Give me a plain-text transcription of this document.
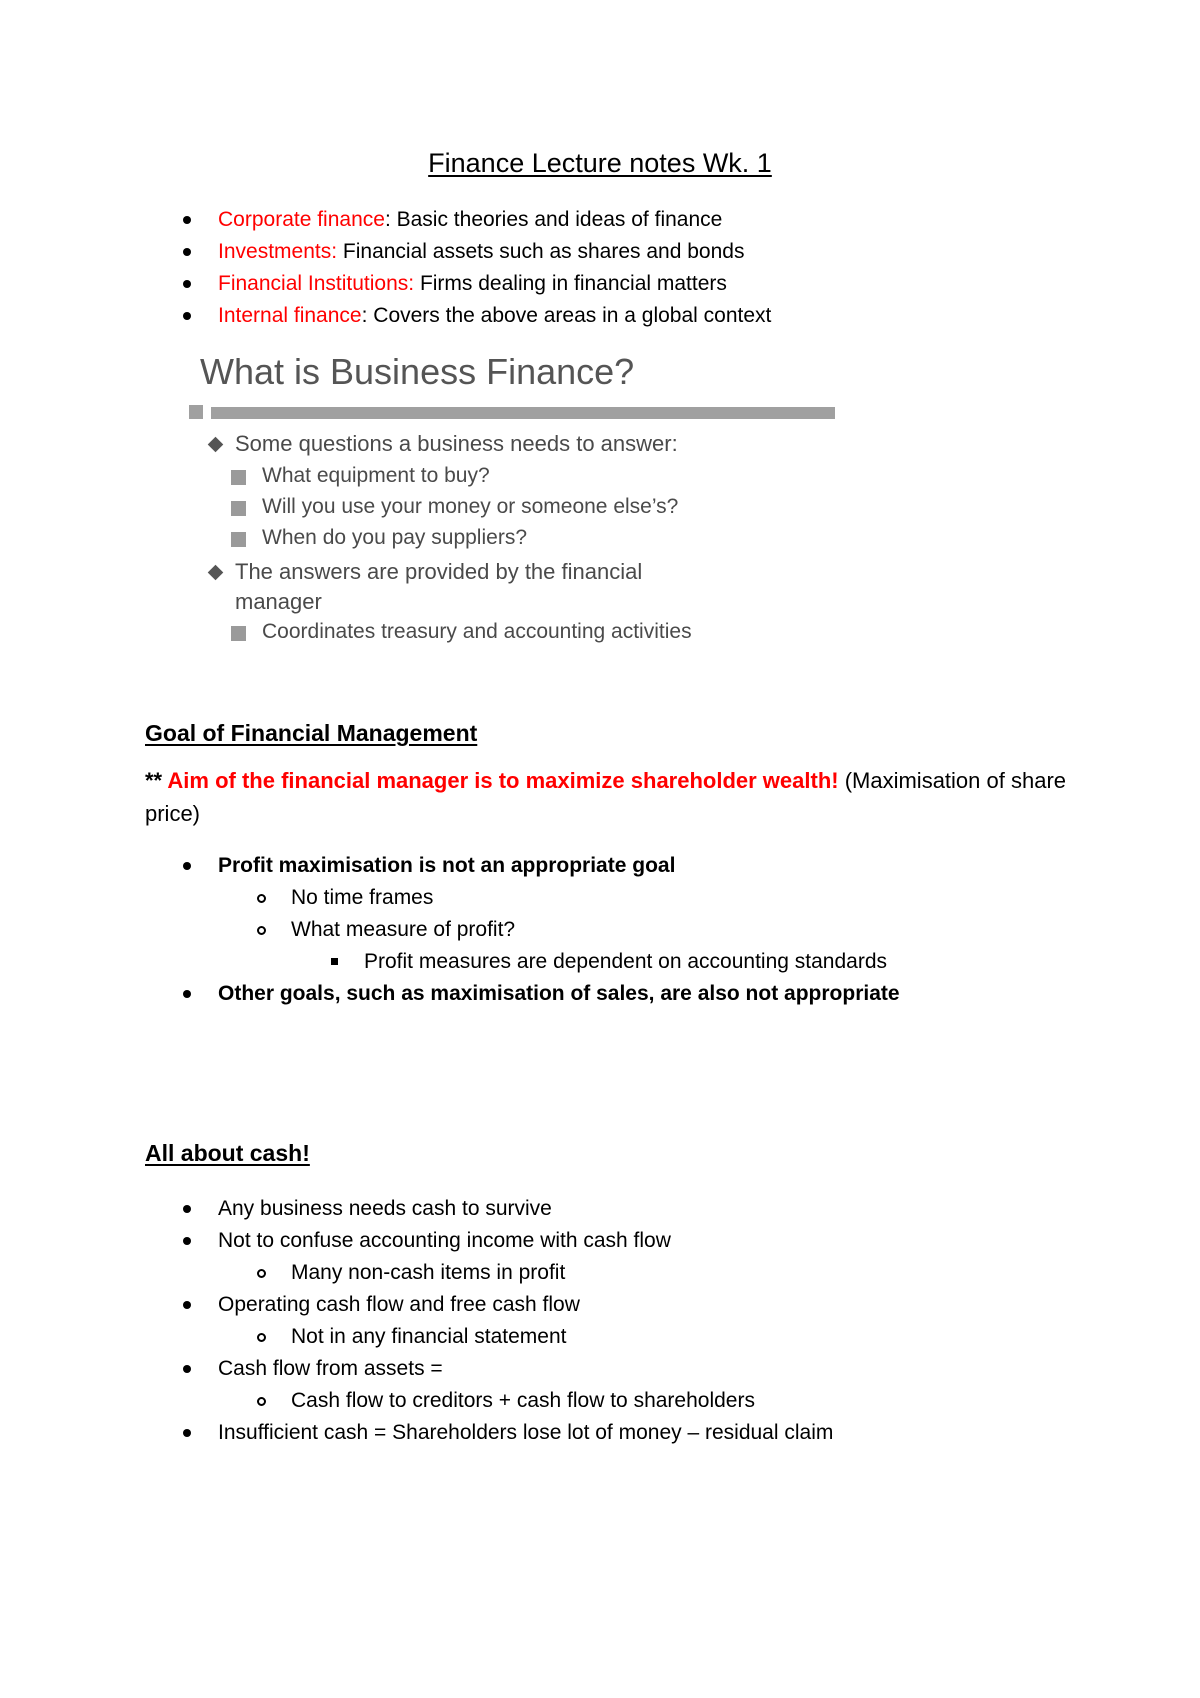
Finance Lecture notes Wk. 1
Corporate finance: Basic theories and ideas of finance
Investments: Financial assets such as shares and bonds
Financial Institutions: Firms dealing in financial matters
Internal finance: Covers the above areas in a global context
What is Business Finance?
Some questions a business needs to answer:
What equipment to buy?
Will you use your money or someone else’s?
When do you pay suppliers?
The answers are provided by the financial
manager
Coordinates treasury and accounting activities
Goal of Financial Management
** Aim of the financial manager is to maximize shareholder wealth! (Maximisation of share price)
Profit maximisation is not an appropriate goal
No time frames
What measure of profit?
Profit measures are dependent on accounting standards
Other goals, such as maximisation of sales, are also not appropriate
All about cash!
Any business needs cash to survive
Not to confuse accounting income with cash flow
Many non-cash items in profit
Operating cash flow and free cash flow
Not in any financial statement
Cash flow from assets =
Cash flow to creditors + cash flow to shareholders
Insufficient cash = Shareholders lose lot of money – residual claim
